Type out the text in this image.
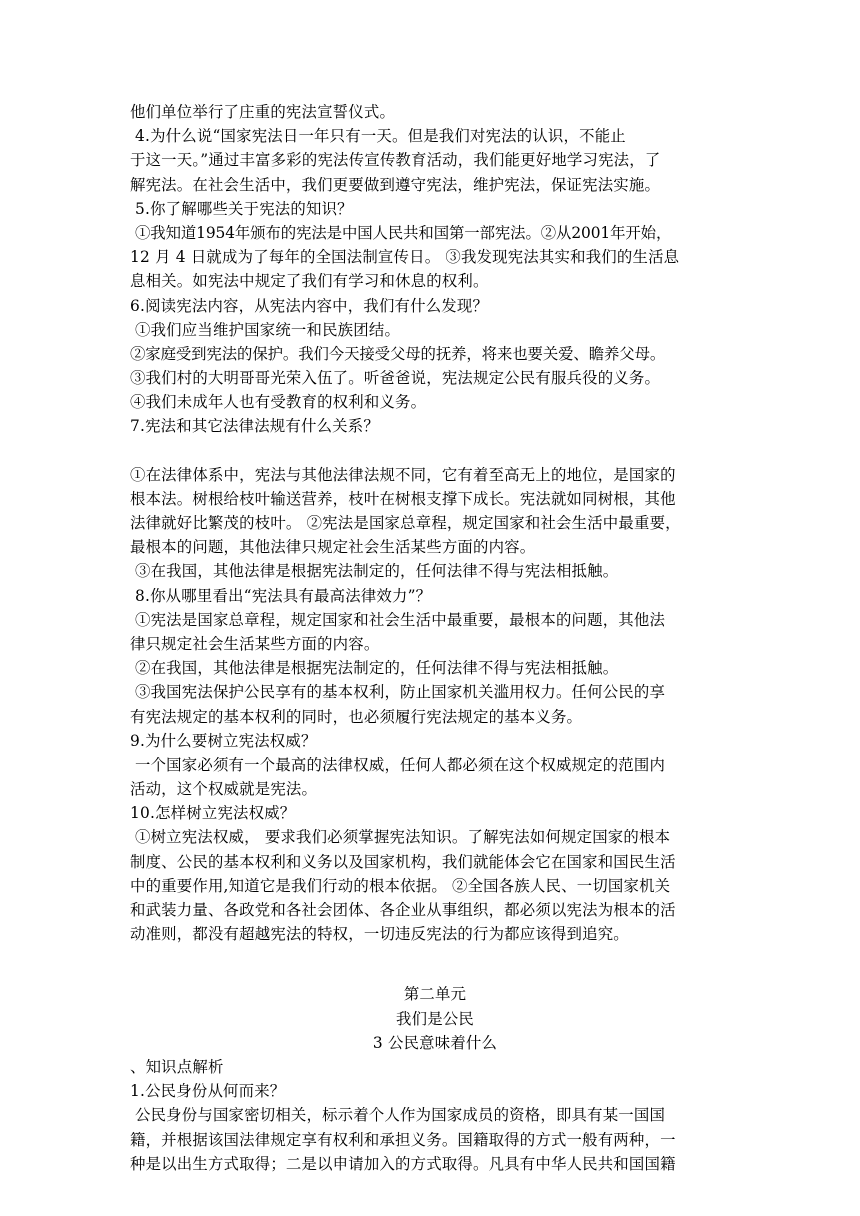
他们单位举行了庄重的宪法宣誓仪式。
4.为什么说“国家宪法日一年只有一天。但是我们对宪法的认识，不能止
于这一天。”通过丰富多彩的宪法传宣传教育活动，我们能更好地学习宪法，了
解宪法。在社会生活中，我们更要做到遵守宪法，维护宪法，保证宪法实施。
5.你了解哪些关于宪法的知识？
①我知道1954年颁布的宪法是中国人民共和国第一部宪法。②从2001年开始，
12 月 4 日就成为了每年的全国法制宣传日。 ③我发现宪法其实和我们的生活息
息相关。如宪法中规定了我们有学习和休息的权利。
6.阅读宪法内容，从宪法内容中，我们有什么发现？
①我们应当维护国家统一和民族团结。
②家庭受到宪法的保护。我们今天接受父母的抚养，将来也要关爱、瞻养父母。
③我们村的大明哥哥光荣入伍了。听爸爸说，宪法规定公民有服兵役的义务。
④我们未成年人也有受教育的权利和义务。
7.宪法和其它法律法规有什么关系？
①在法律体系中，宪法与其他法律法规不同，它有着至高无上的地位，是国家的
根本法。树根给枝叶输送营养，枝叶在树根支撑下成长。宪法就如同树根，其他
法律就好比繁茂的枝叶。 ②宪法是国家总章程，规定国家和社会生活中最重要，
最根本的问题，其他法律只规定社会生活某些方面的内容。
③在我国，其他法律是根据宪法制定的，任何法律不得与宪法相抵触。
8.你从哪里看出“宪法具有最高法律效力”？
①宪法是国家总章程，规定国家和社会生活中最重要，最根本的问题，其他法
律只规定社会生活某些方面的内容。
②在我国，其他法律是根据宪法制定的，任何法律不得与宪法相抵触。
③我国宪法保护公民享有的基本权利，防止国家机关滥用权力。任何公民的享
有宪法规定的基本权利的同时，也必须履行宪法规定的基本义务。
9.为什么要树立宪法权威？
一个国家必须有一个最高的法律权威，任何人都必须在这个权威规定的范围内
活动，这个权威就是宪法。
10.怎样树立宪法权威？
①树立宪法权威， 要求我们必须掌握宪法知识。了解宪法如何规定国家的根本
制度、公民的基本权利和义务以及国家机构，我们就能体会它在国家和国民生活
中的重要作用,知道它是我们行动的根本依据。 ②全国各族人民、一切国家机关
和武装力量、各政党和各社会团体、各企业从事组织，都必须以宪法为根本的活
动准则，都没有超越宪法的特权，一切违反宪法的行为都应该得到追究。
第二单元
我们是公民
3 公民意味着什么
、知识点解析
1.公民身份从何而来？
公民身份与国家密切相关，标示着个人作为国家成员的资格，即具有某一国国
籍，并根据该国法律规定享有权利和承担义务。国籍取得的方式一般有两种，一
种是以出生方式取得；二是以申请加入的方式取得。凡具有中华人民共和国国籍
